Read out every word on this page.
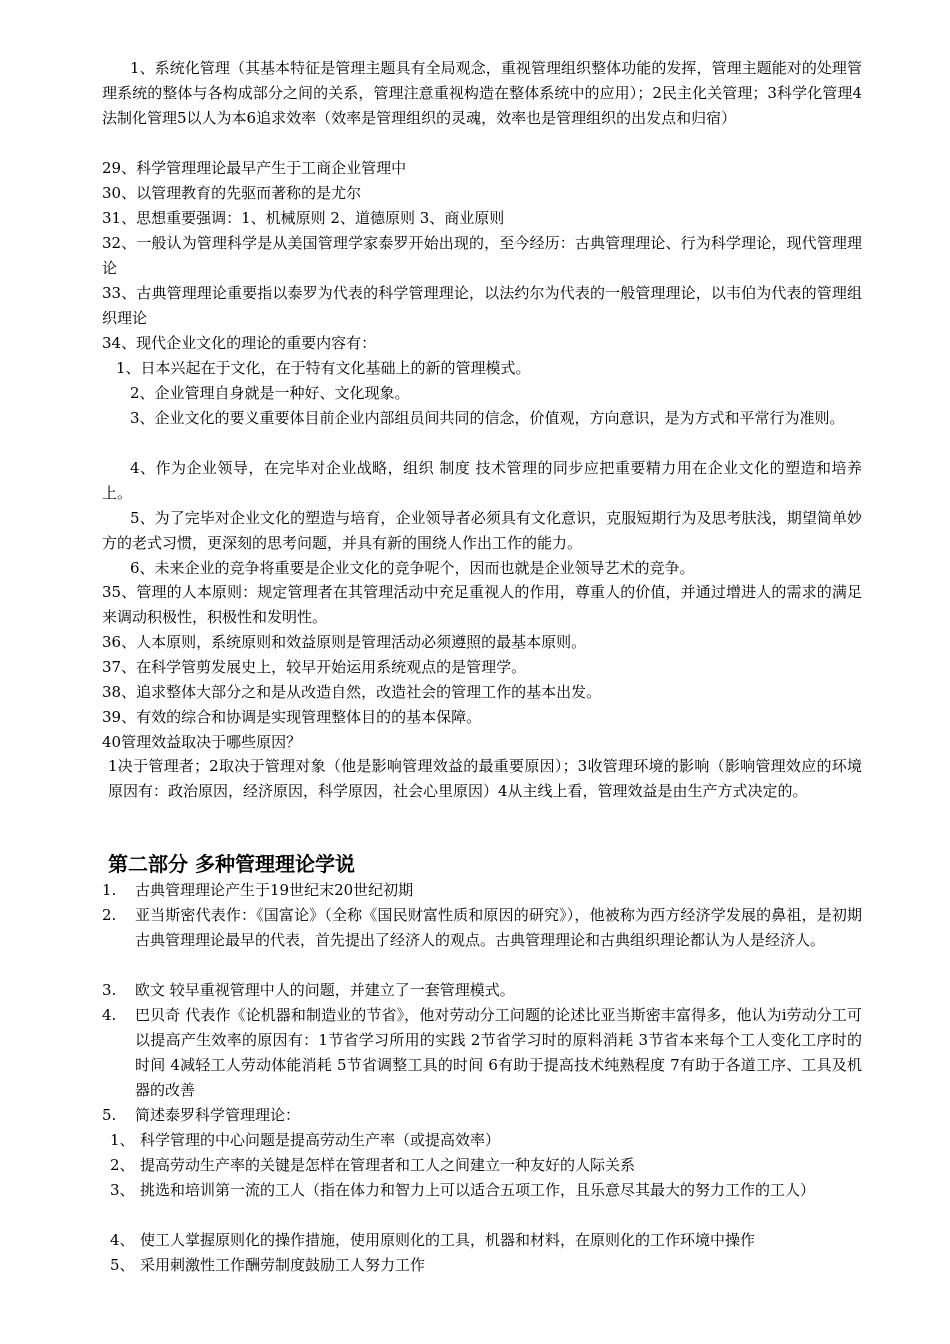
1、系统化管理（其基本特征是管理主题具有全局观念，重视管理组织整体功能的发挥，管理主题能对的处理管理系统的整体与各构成部分之间的关系，管理注意重视构造在整体系统中的应用）；2民主化关管理；3科学化管理4法制化管理5以人为本6追求效率（效率是管理组织的灵魂，效率也是管理组织的出发点和归宿）

29、科学管理理论最早产生于工商企业管理中

30、以管理教育的先驱而著称的是尤尔

31、思想重要强调：1、机械原则 2、道德原则 3、商业原则

32、一般认为管理科学是从美国管理学家泰罗开始出现的，至今经历：古典管理理论、行为科学理论，现代管理理论

33、古典管理理论重要指以泰罗为代表的科学管理理论，以法约尔为代表的一般管理理论，以韦伯为代表的管理组织理论

34、现代企业文化的理论的重要内容有：

1、日本兴起在于文化，在于特有文化基础上的新的管理模式。

2、企业管理自身就是一种好、文化现象。

3、企业文化的要义重要体目前企业内部组员间共同的信念，价值观，方向意识，是为方式和平常行为准则。

4、作为企业领导，在完毕对企业战略，组织 制度 技术管理的同步应把重要精力用在企业文化的塑造和培养上。

5、为了完毕对企业文化的塑造与培育，企业领导者必须具有文化意识，克服短期行为及思考肤浅，期望简单妙方的老式习惯，更深刻的思考问题，并具有新的围绕人作出工作的能力。

6、未来企业的竞争将重要是企业文化的竞争呢个，因而也就是企业领导艺术的竞争。

35、管理的人本原则：规定管理者在其管理活动中充足重视人的作用，尊重人的价值，并通过增进人的需求的满足来调动积极性，积极性和发明性。

36、人本原则，系统原则和效益原则是管理活动必须遵照的最基本原则。

37、在科学管剪发展史上，较早开始运用系统观点的是管理学。

38、追求整体大部分之和是从改造自然，改造社会的管理工作的基本出发。

39、有效的综合和协调是实现管理整体目的的基本保障。

40管理效益取决于哪些原因？

1决于管理者；2取决于管理对象（他是影响管理效益的最重要原因）；3收管理环境的影响（影响管理效应的环境原因有：政治原因，经济原因，科学原因，社会心里原因）4从主线上看，管理效益是由生产方式决定的。

第二部分 多种管理理论学说
1. 古典管理理论产生于19世纪末20世纪初期
2. 亚当斯密代表作：《国富论》（全称《国民财富性质和原因的研究》），他被称为西方经济学发展的鼻祖，是初期古典管理理论最早的代表，首先提出了经济人的观点。古典管理理论和古典组织理论都认为人是经济人。
3. 欧文 较早重视管理中人的问题，并建立了一套管理模式。
4. 巴贝奇 代表作《论机器和制造业的节省》，他对劳动分工问题的论述比亚当斯密丰富得多，他认为i劳动分工可以提高产生效率的原因有：1节省学习所用的实践 2节省学习时的原料消耗 3节省本来每个工人变化工序时的时间 4减轻工人劳动体能消耗 5节省调整工具的时间 6有助于提高技术纯熟程度 7有助于各道工序、工具及机器的改善
5. 简述泰罗科学管理理论：
1、 科学管理的中心问题是提高劳动生产率（或提高效率）
2、 提高劳动生产率的关键是怎样在管理者和工人之间建立一种友好的人际关系
3、 挑选和培训第一流的工人（指在体力和智力上可以适合五项工作，且乐意尽其最大的努力工作的工人）
4、 使工人掌握原则化的操作措施，使用原则化的工具，机器和材料，在原则化的工作环境中操作
5、 采用刺激性工作酬劳制度鼓励工人努力工作
